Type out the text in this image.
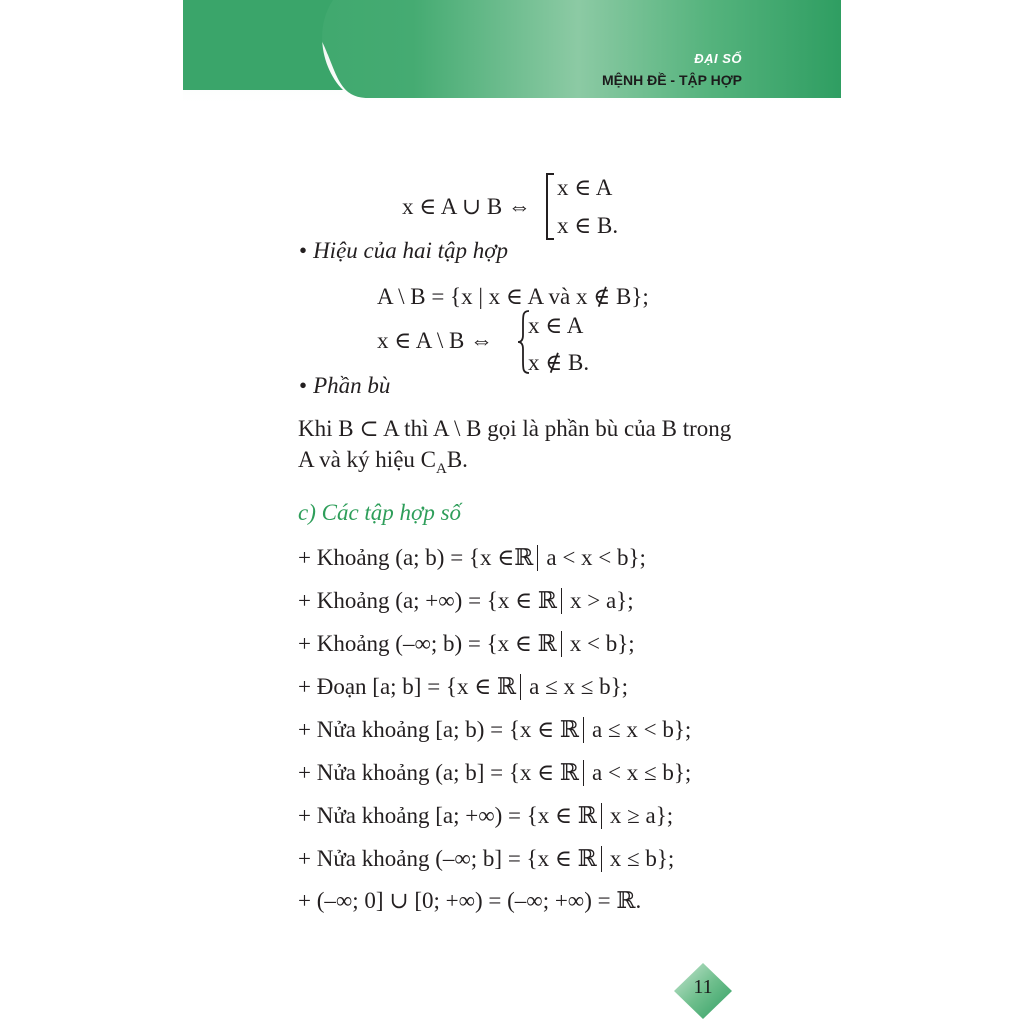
ĐẠI SỐ
MỆNH ĐỀ - TẬP HỢP
x ∈ A ∪ B ⇔
x ∈ A
x ∈ B.
• Hiệu của hai tập hợp
A \ B = {x | x ∈ A và x ∉ B};
x ∈ A \ B ⇔
x ∈ A
x ∉ B.
• Phần bù
Khi B ⊂ A thì A \ B gọi là phần bù của B trong
A và ký hiệu $C_AB$.
c) Các tập hợp số
+ Khoảng (a; b) = {x ∈ℝ a < x < b};
+ Khoảng (a; +∞) = {x ∈ ℝ x > a};
+ Khoảng (–∞; b) = {x ∈ ℝ x < b};
+ Đoạn [a; b] = {x ∈ ℝ a ≤ x ≤ b};
+ Nửa khoảng [a; b) = {x ∈ ℝ a ≤ x < b};
+ Nửa khoảng (a; b] = {x ∈ ℝ a < x ≤ b};
+ Nửa khoảng [a; +∞) = {x ∈ ℝ x ≥ a};
+ Nửa khoảng (–∞; b] = {x ∈ ℝ x ≤ b};
+ (–∞; 0] ∪ [0; +∞) = (–∞; +∞) = ℝ.
11
